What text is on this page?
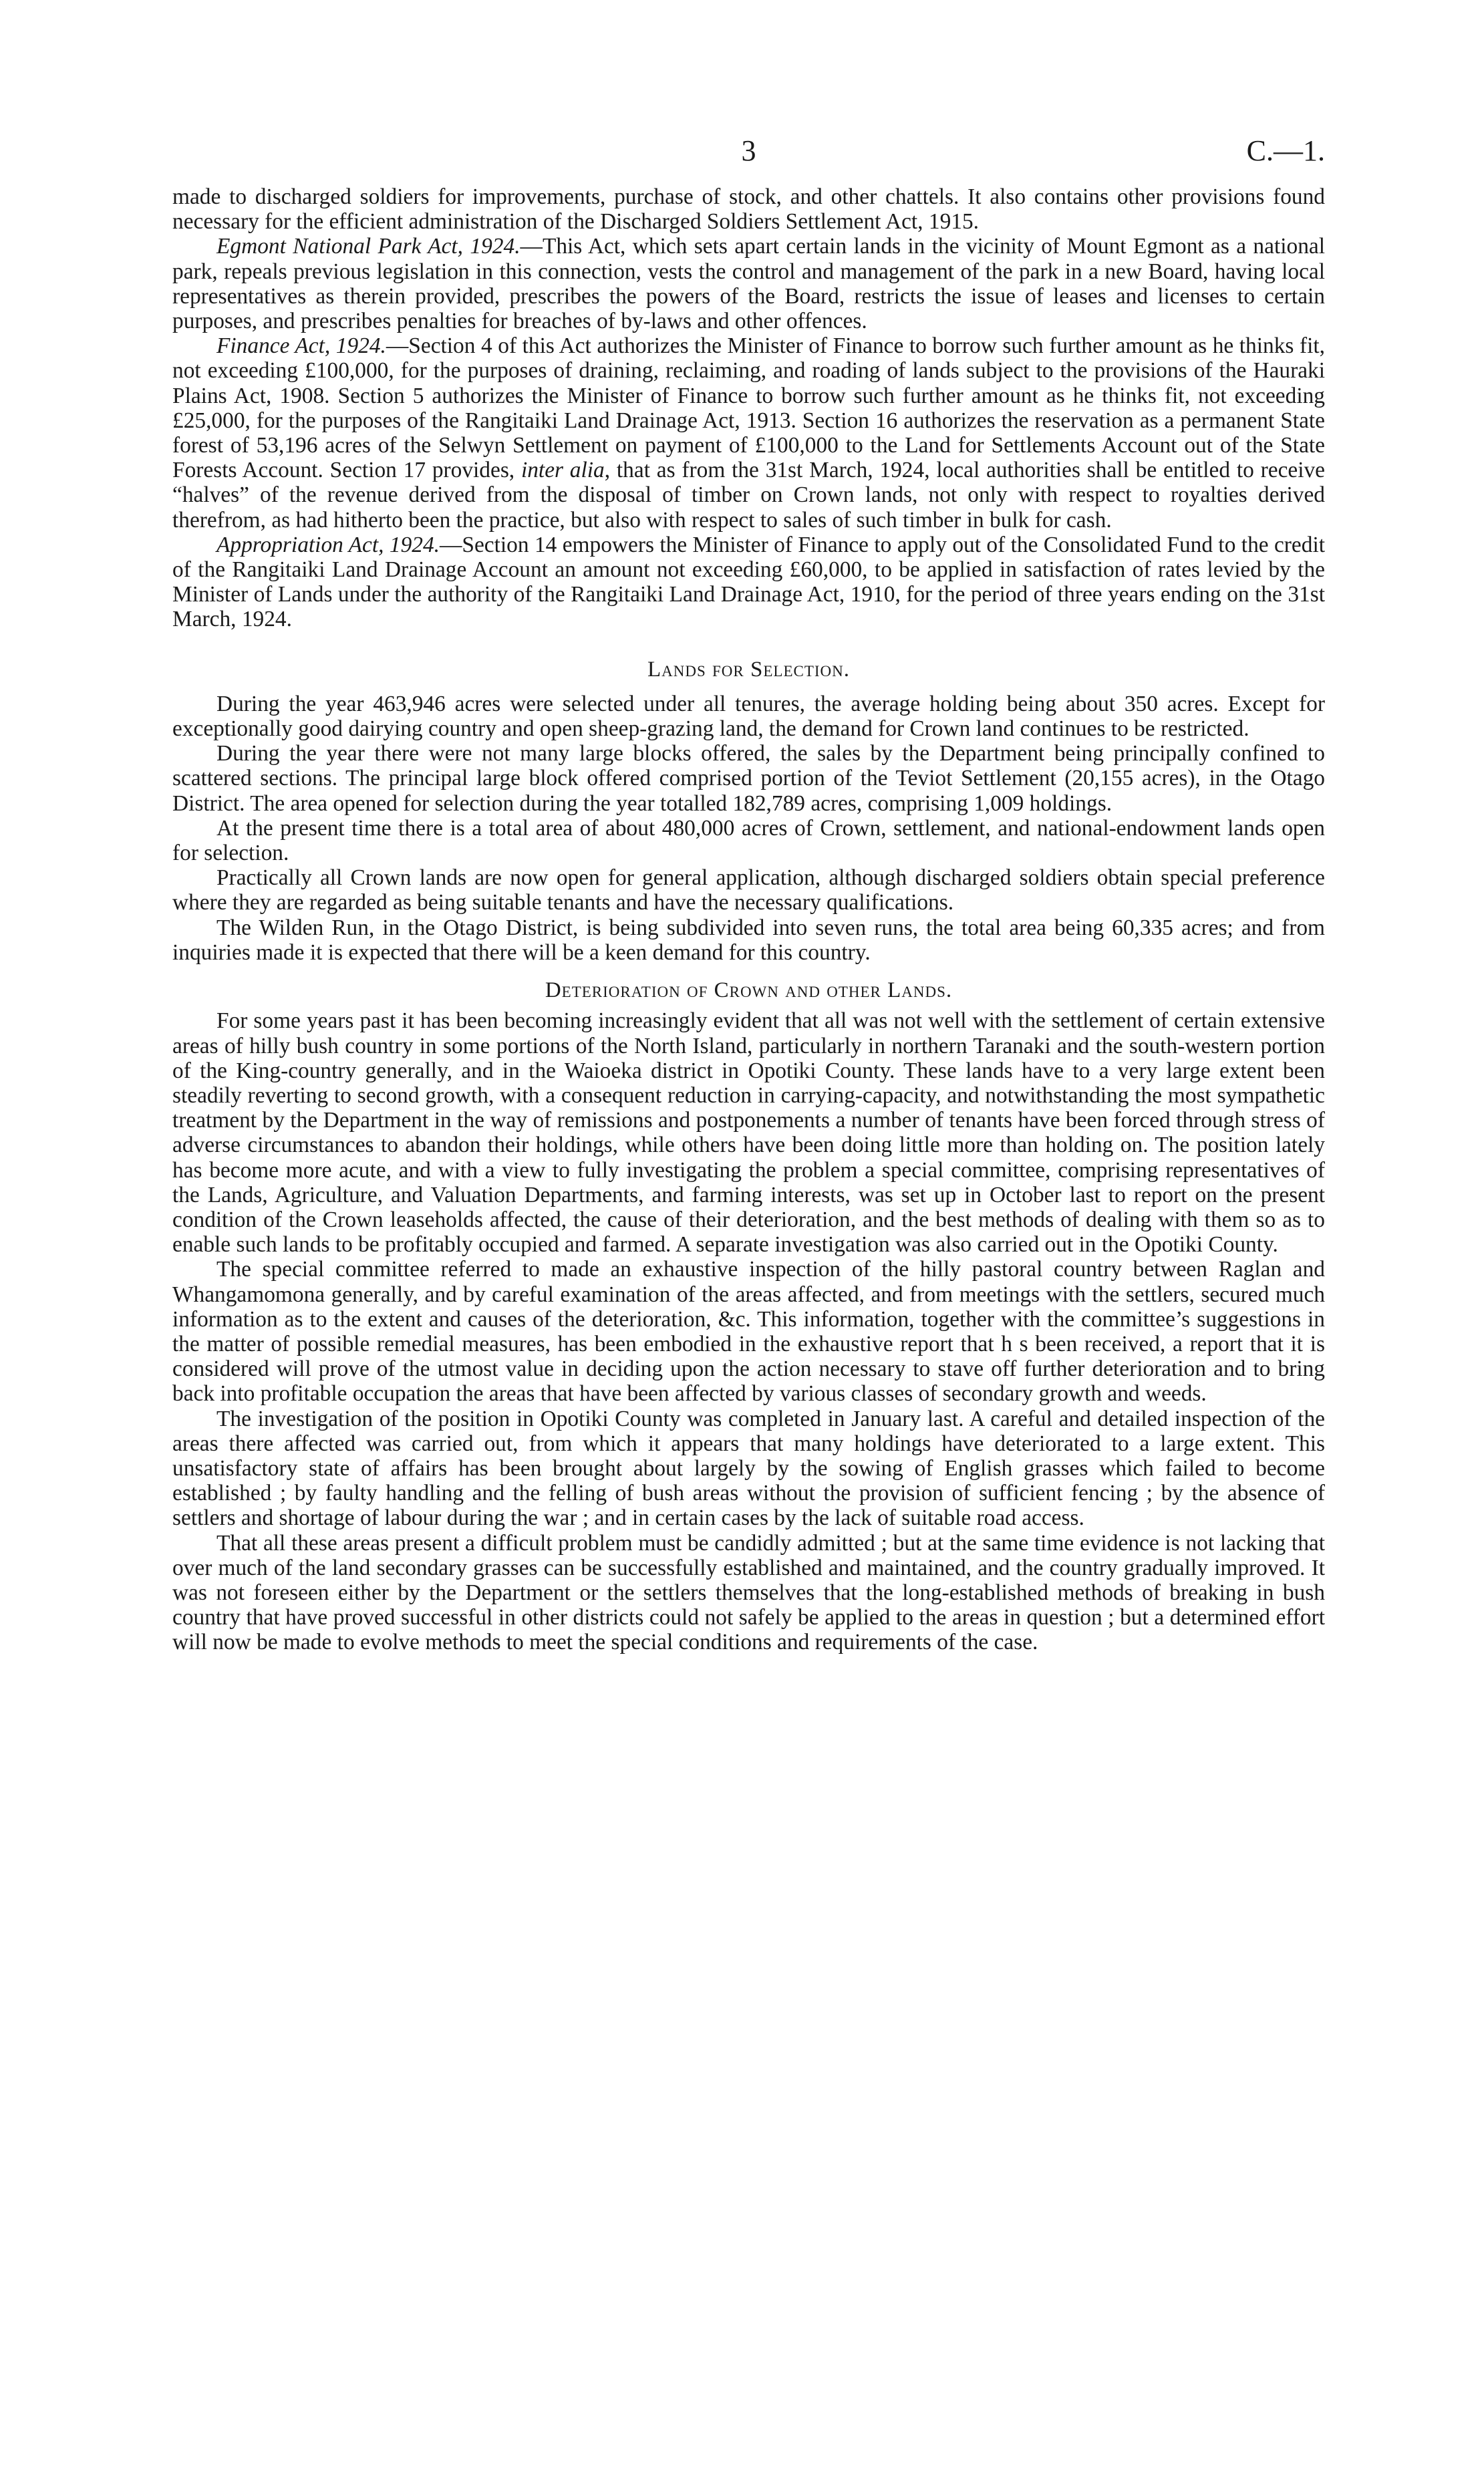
3	C.—1.

made to discharged soldiers for improvements, purchase of stock, and other chattels. It also contains other provisions found necessary for the efficient administration of the Discharged Soldiers Settlement Act, 1915.

Egmont National Park Act, 1924.—This Act, which sets apart certain lands in the vicinity of Mount Egmont as a national park, repeals previous legislation in this connection, vests the control and management of the park in a new Board, having local representatives as therein provided, prescribes the powers of the Board, restricts the issue of leases and licenses to certain purposes, and prescribes penalties for breaches of by-laws and other offences.

Finance Act, 1924.—Section 4 of this Act authorizes the Minister of Finance to borrow such further amount as he thinks fit, not exceeding £100,000, for the purposes of draining, reclaiming, and roading of lands subject to the provisions of the Hauraki Plains Act, 1908. Section 5 authorizes the Minister of Finance to borrow such further amount as he thinks fit, not exceeding £25,000, for the purposes of the Rangitaiki Land Drainage Act, 1913. Section 16 authorizes the reservation as a permanent State forest of 53,196 acres of the Selwyn Settlement on payment of £100,000 to the Land for Settlements Account out of the State Forests Account. Section 17 provides, inter alia, that as from the 31st March, 1924, local authorities shall be entitled to receive “halves” of the revenue derived from the disposal of timber on Crown lands, not only with respect to royalties derived therefrom, as had hitherto been the practice, but also with respect to sales of such timber in bulk for cash.

Appropriation Act, 1924.—Section 14 empowers the Minister of Finance to apply out of the Consolidated Fund to the credit of the Rangitaiki Land Drainage Account an amount not exceeding £60,000, to be applied in satisfaction of rates levied by the Minister of Lands under the authority of the Rangitaiki Land Drainage Act, 1910, for the period of three years ending on the 31st March, 1924.

Lands for Selection.

During the year 463,946 acres were selected under all tenures, the average holding being about 350 acres. Except for exceptionally good dairying country and open sheep-grazing land, the demand for Crown land continues to be restricted.

During the year there were not many large blocks offered, the sales by the Department being principally confined to scattered sections. The principal large block offered comprised portion of the Teviot Settlement (20,155 acres), in the Otago District. The area opened for selection during the year totalled 182,789 acres, comprising 1,009 holdings.

At the present time there is a total area of about 480,000 acres of Crown, settlement, and national-endowment lands open for selection.

Practically all Crown lands are now open for general application, although discharged soldiers obtain special preference where they are regarded as being suitable tenants and have the necessary qualifications.

The Wilden Run, in the Otago District, is being subdivided into seven runs, the total area being 60,335 acres; and from inquiries made it is expected that there will be a keen demand for this country.

Deterioration of Crown and other Lands.

For some years past it has been becoming increasingly evident that all was not well with the settlement of certain extensive areas of hilly bush country in some portions of the North Island, particularly in northern Taranaki and the south-western portion of the King-country generally, and in the Waioeka district in Opotiki County. These lands have to a very large extent been steadily reverting to second growth, with a consequent reduction in carrying-capacity, and notwithstanding the most sympathetic treatment by the Department in the way of remissions and postponements a number of tenants have been forced through stress of adverse circumstances to abandon their holdings, while others have been doing little more than holding on. The position lately has become more acute, and with a view to fully investigating the problem a special committee, comprising representatives of the Lands, Agriculture, and Valuation Departments, and farming interests, was set up in October last to report on the present condition of the Crown leaseholds affected, the cause of their deterioration, and the best methods of dealing with them so as to enable such lands to be profitably occupied and farmed. A separate investigation was also carried out in the Opotiki County.

The special committee referred to made an exhaustive inspection of the hilly pastoral country between Raglan and Whangamomona generally, and by careful examination of the areas affected, and from meetings with the settlers, secured much information as to the extent and causes of the deterioration, &c. This information, together with the committee’s suggestions in the matter of possible remedial measures, has been embodied in the exhaustive report that h s been received, a report that it is considered will prove of the utmost value in deciding upon the action necessary to stave off further deterioration and to bring back into profitable occupation the areas that have been affected by various classes of secondary growth and weeds.

The investigation of the position in Opotiki County was completed in January last. A careful and detailed inspection of the areas there affected was carried out, from which it appears that many holdings have deteriorated to a large extent. This unsatisfactory state of affairs has been brought about largely by the sowing of English grasses which failed to become established ; by faulty handling and the felling of bush areas without the provision of sufficient fencing ; by the absence of settlers and shortage of labour during the war ; and in certain cases by the lack of suitable road access.

That all these areas present a difficult problem must be candidly admitted ; but at the same time evidence is not lacking that over much of the land secondary grasses can be successfully established and maintained, and the country gradually improved. It was not foreseen either by the Department or the settlers themselves that the long-established methods of breaking in bush country that have proved successful in other districts could not safely be applied to the areas in question ; but a determined effort will now be made to evolve methods to meet the special conditions and requirements of the case.
